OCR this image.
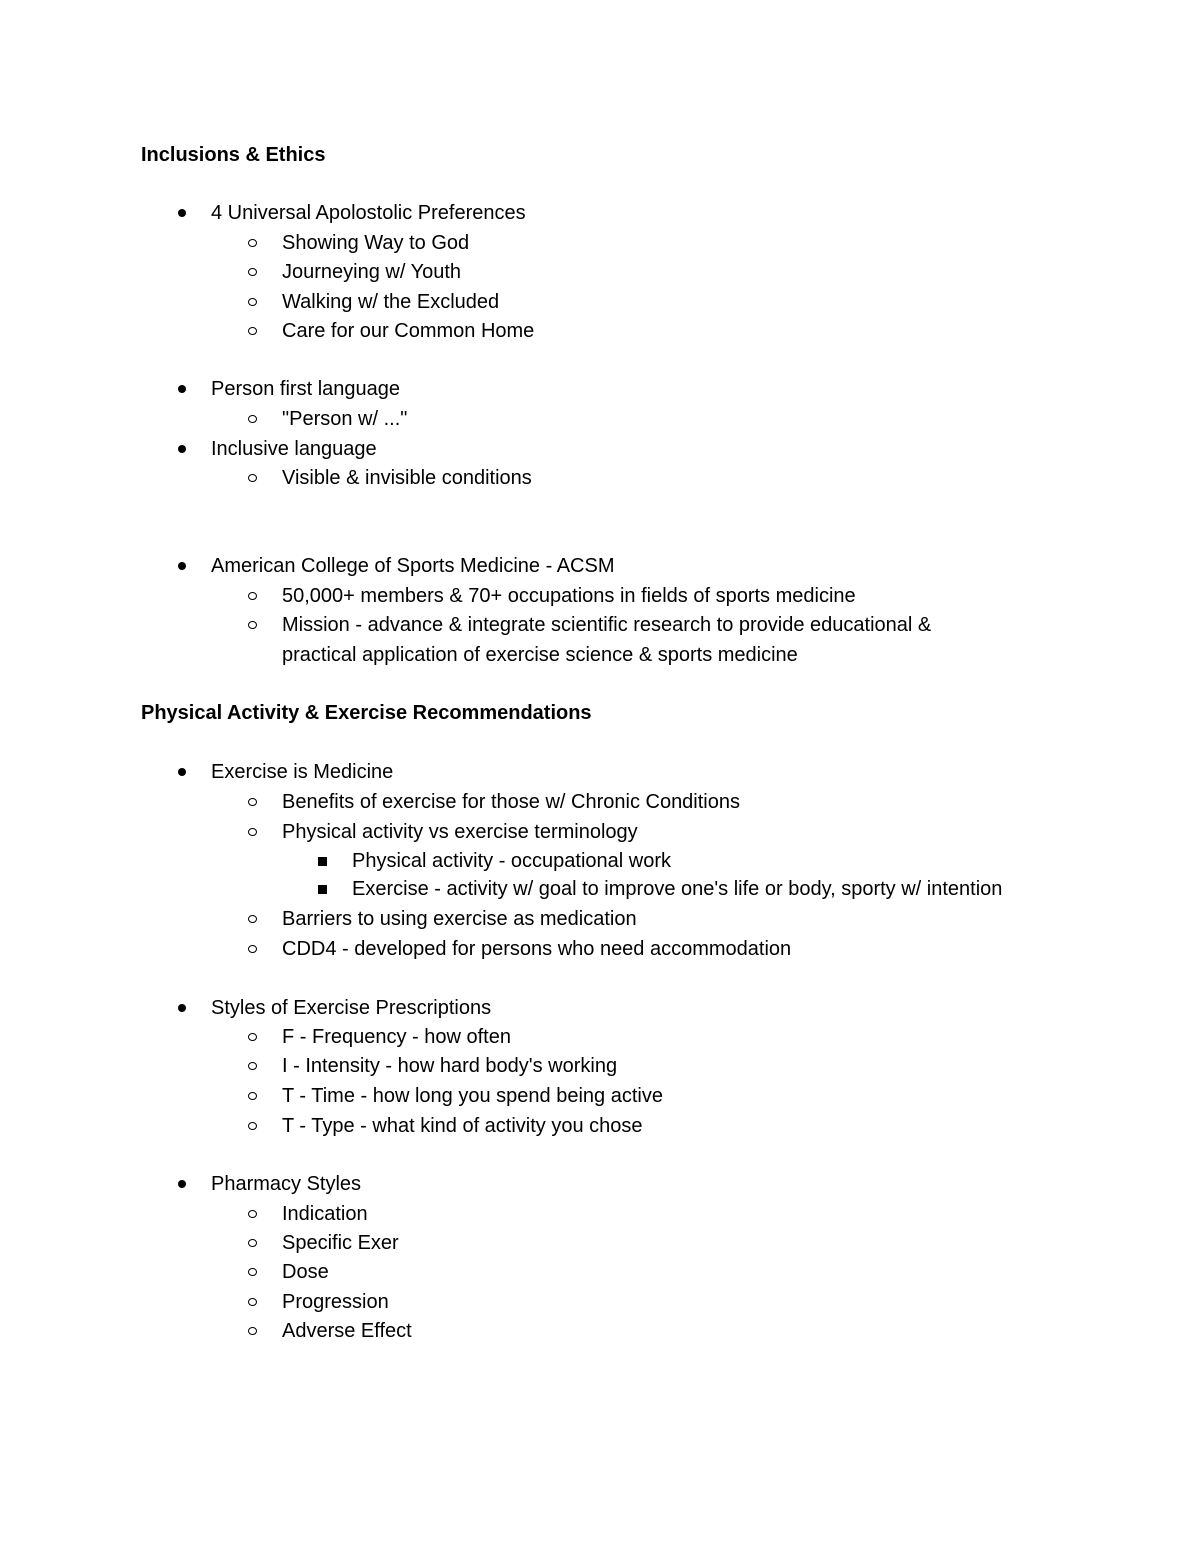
Inclusions & Ethics
4 Universal Apolostolic Preferences
Showing Way to God
Journeying w/ Youth
Walking w/ the Excluded
Care for our Common Home
Person first language
"Person w/ ..."
Inclusive language
Visible & invisible conditions
American College of Sports Medicine - ACSM
50,000+ members & 70+ occupations in fields of sports medicine
Mission - advance & integrate scientific research to provide educational &
practical application of exercise science & sports medicine
Physical Activity & Exercise Recommendations
Exercise is Medicine
Benefits of exercise for those w/ Chronic Conditions
Physical activity vs exercise terminology
Physical activity - occupational work
Exercise - activity w/ goal to improve one's life or body, sporty w/ intention
Barriers to using exercise as medication
CDD4 - developed for persons who need accommodation
Styles of Exercise Prescriptions
F - Frequency - how often
I - Intensity - how hard body's working
T - Time - how long you spend being active
T - Type - what kind of activity you chose
Pharmacy Styles
Indication
Specific Exer
Dose
Progression
Adverse Effect
